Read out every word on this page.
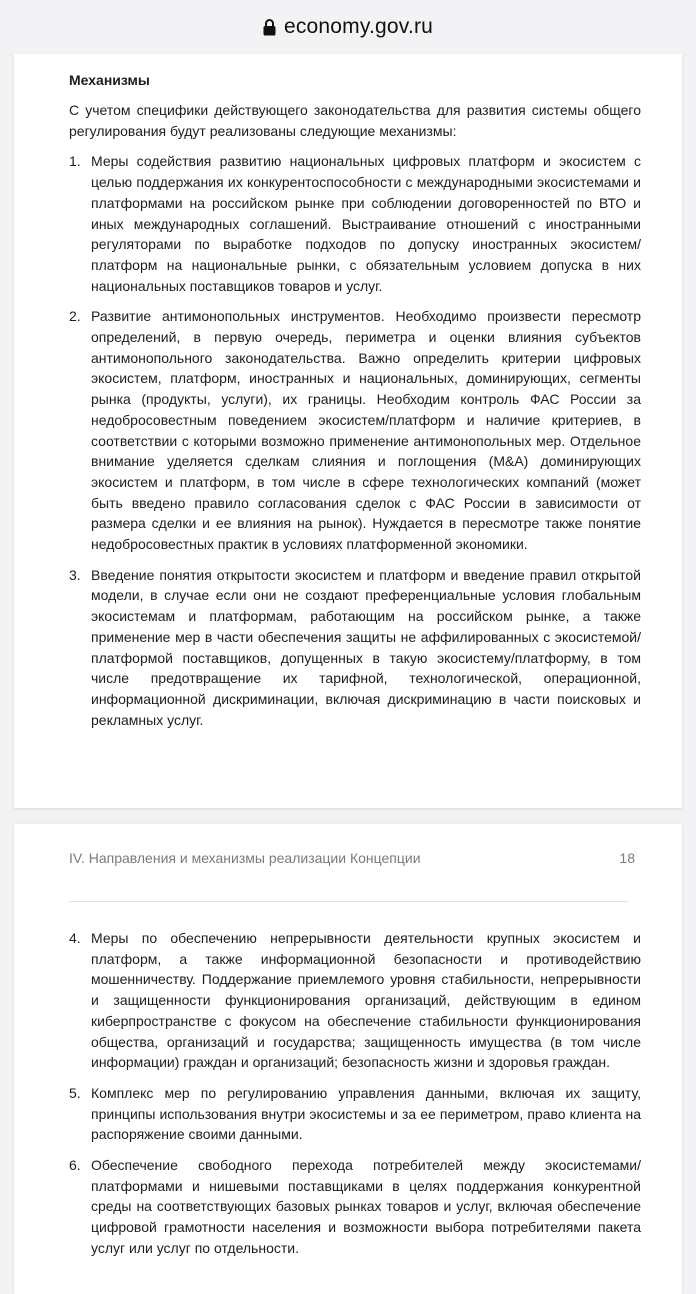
economy.gov.ru
Механизмы

С учетом специфики действующего законодательства для развития системы общего регулирования будут реализованы следующие механизмы:

1. Меры содействия развитию национальных цифровых платформ и экосистем с целью поддержания их конкурентоспособности с международными экосистемами и платформами на российском рынке при соблюдении договоренностей по ВТО и иных международных соглашений. Выстраивание отношений с иностранными регуляторами по выработке подходов по допуску иностранных экосистем/платформ на национальные рынки, с обязательным условием допуска в них национальных поставщиков товаров и услуг.
2. Развитие антимонопольных инструментов. Необходимо произвести пересмотр определений, в первую очередь, периметра и оценки влияния субъектов антимонопольного законодательства. Важно определить критерии цифровых экосистем, платформ, иностранных и национальных, доминирующих, сегменты рынка (продукты, услуги), их границы. Необходим контроль ФАС России за недобросовестным поведением экосистем/платформ и наличие критериев, в соответствии с которыми возможно применение антимонопольных мер. Отдельное внимание уделяется сделкам слияния и поглощения (M&A) доминирующих экосистем и платформ, в том числе в сфере технологических компаний (может быть введено правило согласования сделок с ФАС России в зависимости от размера сделки и ее влияния на рынок). Нуждается в пересмотре также понятие недобросовестных практик в условиях платформенной экономики.
3. Введение понятия открытости экосистем и платформ и введение правил открытой модели, в случае если они не создают преференциальные условия глобальным экосистемам и платформам, работающим на российском рынке, а также применение мер в части обеспечения защиты не аффилированных с экосистемой/платформой поставщиков, допущенных в такую экосистему/​платформу, в том числе предотвращение их тарифной, технологической, операционной, информационной дискриминации, включая дискриминацию в части поисковых и рекламных услуг.
IV. Направления и механизмы реализации Концепции	18
4. Меры по обеспечению непрерывности деятельности крупных экосистем и платформ, а также информационной безопасности и противодействию мошенничеству. Поддержание приемлемого уровня стабильности, непрерывности и защищенности функционирования организаций, действующим в едином киберпространстве с фокусом на обеспечение стабильности функционирования общества, организаций и государства; защищенность имущества (в том числе информации) граждан и организаций; безопасность жизни и здоровья граждан.
5. Комплекс мер по регулированию управления данными, включая их защиту, принципы использования внутри экосистемы и за ее периметром, право клиента на распоряжение своими данными.
6. Обеспечение свободного перехода потребителей между экосистемами/​платформами и нишевыми поставщиками в целях поддержания конкурентной среды на соответствующих базовых рынках товаров и услуг, включая обеспечение цифровой грамотности населения и возможности выбора потребителями пакета услуг или услуг по отдельности.
